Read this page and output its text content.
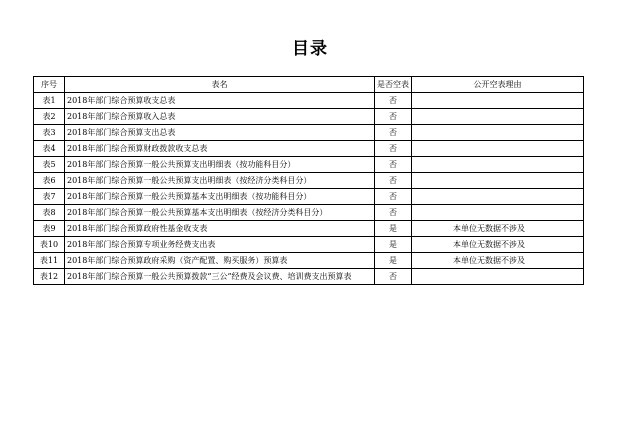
目录
序号	表名	是否空表	公开空表理由
表1	2018年部门综合预算收支总表	否	
表2	2018年部门综合预算收入总表	否	
表3	2018年部门综合预算支出总表	否	
表4	2018年部门综合预算财政拨款收支总表	否	
表5	2018年部门综合预算一般公共预算支出明细表（按功能科目分）	否	
表6	2018年部门综合预算一般公共预算支出明细表（按经济分类科目分）	否	
表7	2018年部门综合预算一般公共预算基本支出明细表（按功能科目分）	否	
表8	2018年部门综合预算一般公共预算基本支出明细表（按经济分类科目分）	否	
表9	2018年部门综合预算政府性基金收支表	是	本单位无数据不涉及
表10	2018年部门综合预算专项业务经费支出表	是	本单位无数据不涉及
表11	2018年部门综合预算政府采购（资产配置、购买服务）预算表	是	本单位无数据不涉及
表12	2018年部门综合预算一般公共预算拨款“三公”经费及会议费、培训费支出预算表	否	
